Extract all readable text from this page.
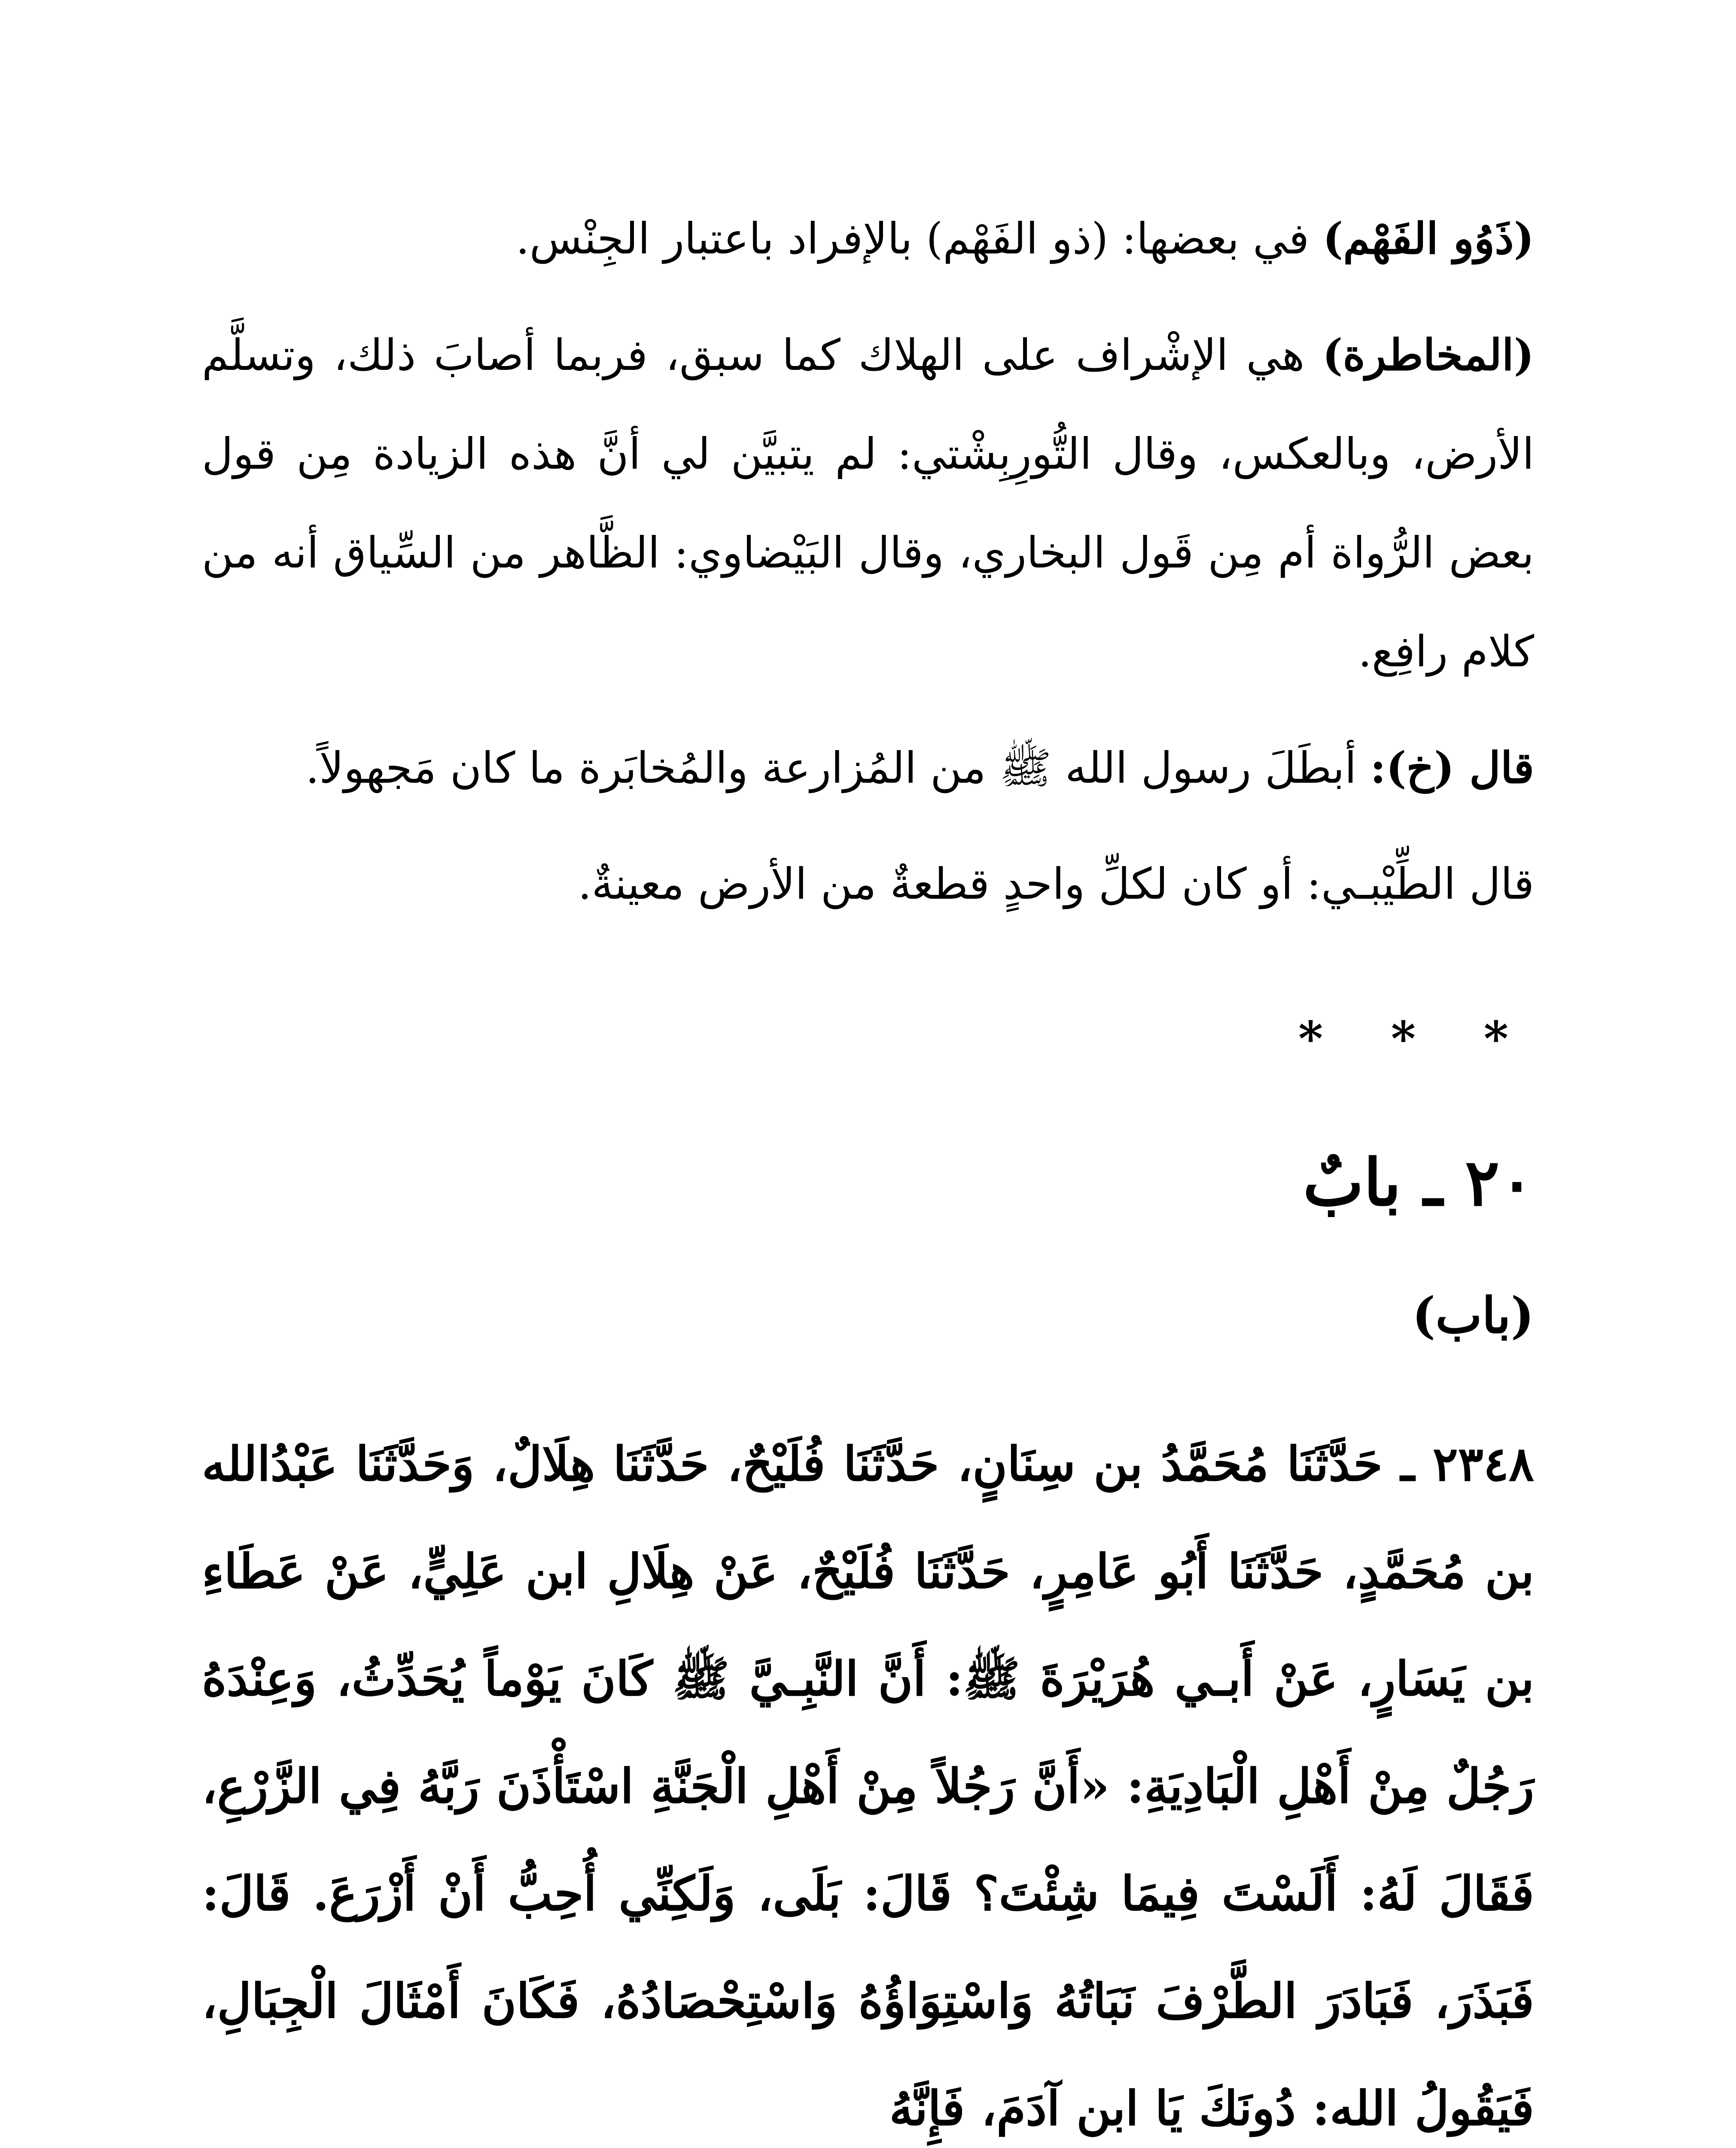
(ذَوُو الفَهْم) في بعضها: (ذو الفَهْم) بالإفراد باعتبار الجِنْس.

(المخاطرة) هي الإشْراف على الهلاك كما سبق، فربما أصابَ ذلك، وتسلَّم الأرض، وبالعكس، وقال التُّورِبِشْتي: لم يتبيَّن لي أنَّ هذه الزيادة مِن قول بعض الرُّواة أم مِن قَول البخاري، وقال البَيْضاوي: الظَّاهر من السِّياق أنه من كلام رافِع.

قال (خ): أبطَلَ رسول الله ﷺ من المُزارعة والمُخابَرة ما كان مَجهولاً.

قال الطِّيْبـي: أو كان لكلِّ واحدٍ قطعةٌ من الأرض معينةٌ.

* * *
٢٠ ـ بابٌ
(باب)

٢٣٤٨ ـ حَدَّثَنَا مُحَمَّدُ بن سِنَانٍ، حَدَّثَنَا فُلَيْحٌ، حَدَّثَنَا هِلَالٌ، وَحَدَّثَنَا عَبْدُالله بن مُحَمَّدٍ، حَدَّثَنَا أَبُو عَامِرٍ، حَدَّثَنَا فُلَيْحٌ، عَنْ هِلَالِ ابن عَلِيٍّ، عَنْ عَطَاءِ بن يَسَارٍ، عَنْ أَبـي هُرَيْرَةَ ﷺ: أَنَّ النَّبِـيَّ ﷺ كَانَ يَوْماً يُحَدِّثُ، وَعِنْدَهُ رَجُلٌ مِنْ أَهْلِ الْبَادِيَةِ: «أَنَّ رَجُلاً مِنْ أَهْلِ الْجَنَّةِ اسْتَأْذَنَ رَبَّهُ فِي الزَّرْعِ، فَقَالَ لَهُ: أَلَسْتَ فِيمَا شِئْتَ؟ قَالَ: بَلَى، وَلَكِنِّي أُحِبُّ أَنْ أَزْرَعَ. قَالَ: فَبَذَرَ، فَبَادَرَ الطَّرْفَ نَبَاتُهُ وَاسْتِوَاؤُهُ وَاسْتِحْصَادُهُ، فَكَانَ أَمْثَالَ الْجِبَالِ، فَيَقُولُ الله: دُونَكَ يَا ابن آدَمَ، فَإِنَّهُ
